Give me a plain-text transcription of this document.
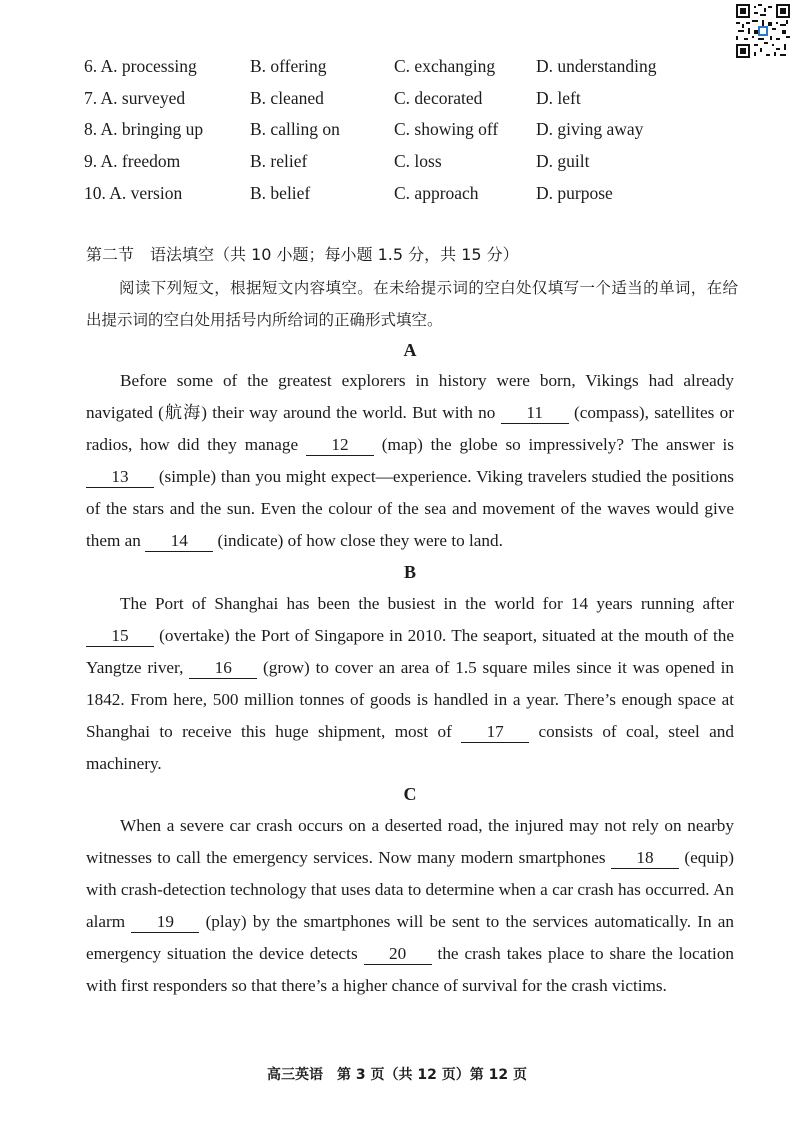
6. A. processing	B. offering	C. exchanging D. understanding
7. A. surveyed	B. cleaned	C. decorated	D. left
8. A. bringing up	B. calling on	C. showing off D. giving away
9. A. freedom	B. relief	C. loss	D. guilt
10. A. version	B. belief	C. approach	D. purpose
第二节　语法填空（共 10 小题；每小题 1.5 分，共 15 分）
阅读下列短文，根据短文内容填空。在未给提示词的空白处仅填写一个适当的单词，在给出提示词的空白处用括号内所给词的正确形式填空。
A
Before some of the greatest explorers in history were born, Vikings had already navigated (航海) their way around the world. But with no 11 (compass), satellites or radios, how did they manage 12 (map) the globe so impressively? The answer is 13 (simple) than you might expect—experience. Viking travelers studied the positions of the stars and the sun. Even the colour of the sea and movement of the waves would give them an 14 (indicate) of how close they were to land.
B
The Port of Shanghai has been the busiest in the world for 14 years running after 15 (overtake) the Port of Singapore in 2010. The seaport, situated at the mouth of the Yangtze river, 16 (grow) to cover an area of 1.5 square miles since it was opened in 1842. From here, 500 million tonnes of goods is handled in a year. There’s enough space at Shanghai to receive this huge shipment, most of 17 consists of coal, steel and machinery.
C
When a severe car crash occurs on a deserted road, the injured may not rely on nearby witnesses to call the emergency services. Now many modern smartphones 18 (equip) with crash-detection technology that uses data to determine when a car crash has occurred. An alarm 19 (play) by the smartphones will be sent to the services automatically. In an emergency situation the device detects 20 the crash takes place to share the location with first responders so that there’s a higher chance of survival for the crash victims.
高三英语　第 3 页（共 12 页）第 12 页
